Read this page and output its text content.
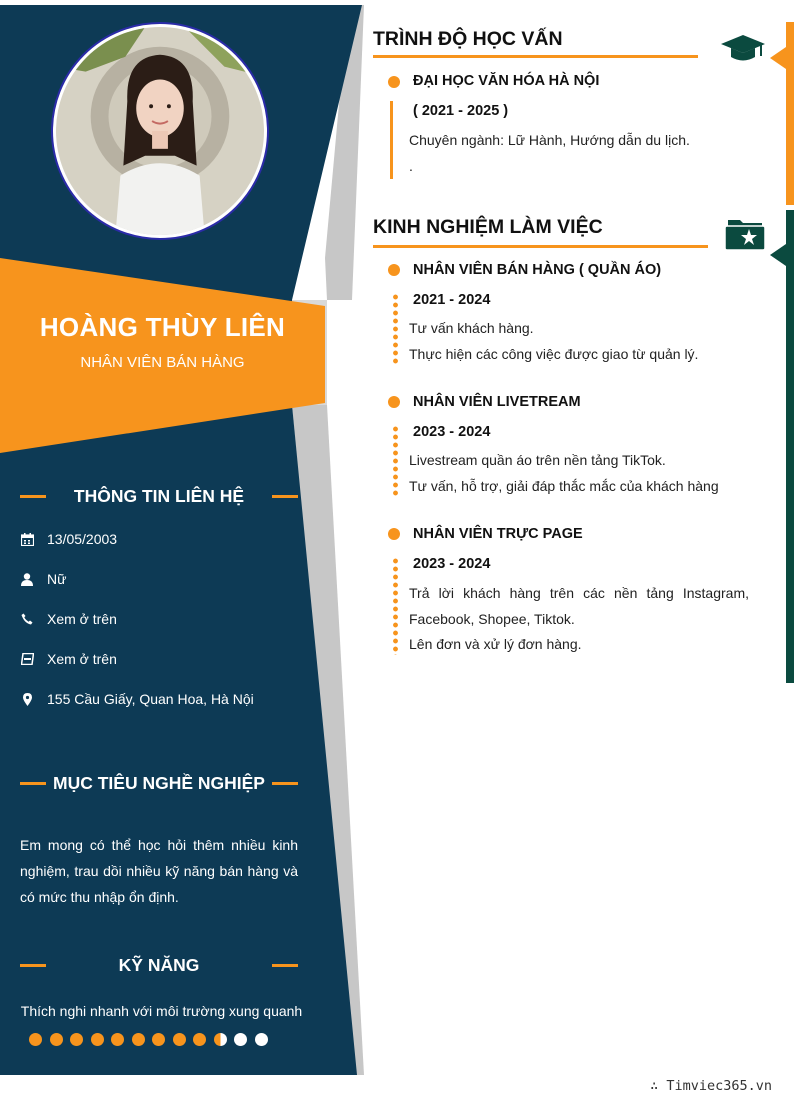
HOÀNG THÙY LIÊN
NHÂN VIÊN BÁN HÀNG
THÔNG TIN LIÊN HỆ
13/05/2003
Nữ
Xem ở trên
Xem ở trên
155 Cầu Giấy, Quan Hoa, Hà Nội
MỤC TIÊU NGHỀ NGHIỆP
Em mong có thể học hỏi thêm nhiều kinh nghiệm, trau dồi nhiều kỹ năng bán hàng và có mức thu nhập ổn định.
KỸ NĂNG
Thích nghi nhanh với môi trường xung quanh
TRÌNH ĐỘ HỌC VẤN
ĐẠI HỌC VĂN HÓA HÀ NỘI
( 2021 - 2025 )
Chuyên ngành: Lữ Hành, Hướng dẫn du lịch.
.
KINH NGHIỆM LÀM VIỆC
NHÂN VIÊN BÁN HÀNG ( QUẦN ÁO)
2021 - 2024
Tư vấn khách hàng.
Thực hiện các công việc được giao từ quản lý.
NHÂN VIÊN LIVETREAM
2023 - 2024
Livestream quần áo trên nền tảng TikTok.
Tư vấn, hỗ trợ, giải đáp thắc mắc của khách hàng
NHÂN VIÊN TRỰC PAGE
2023 - 2024
Trả lời khách hàng trên các nền tảng Instagram, Facebook, Shopee, Tiktok.
Lên đơn và xử lý đơn hàng.
∴ Timviec365.vn
